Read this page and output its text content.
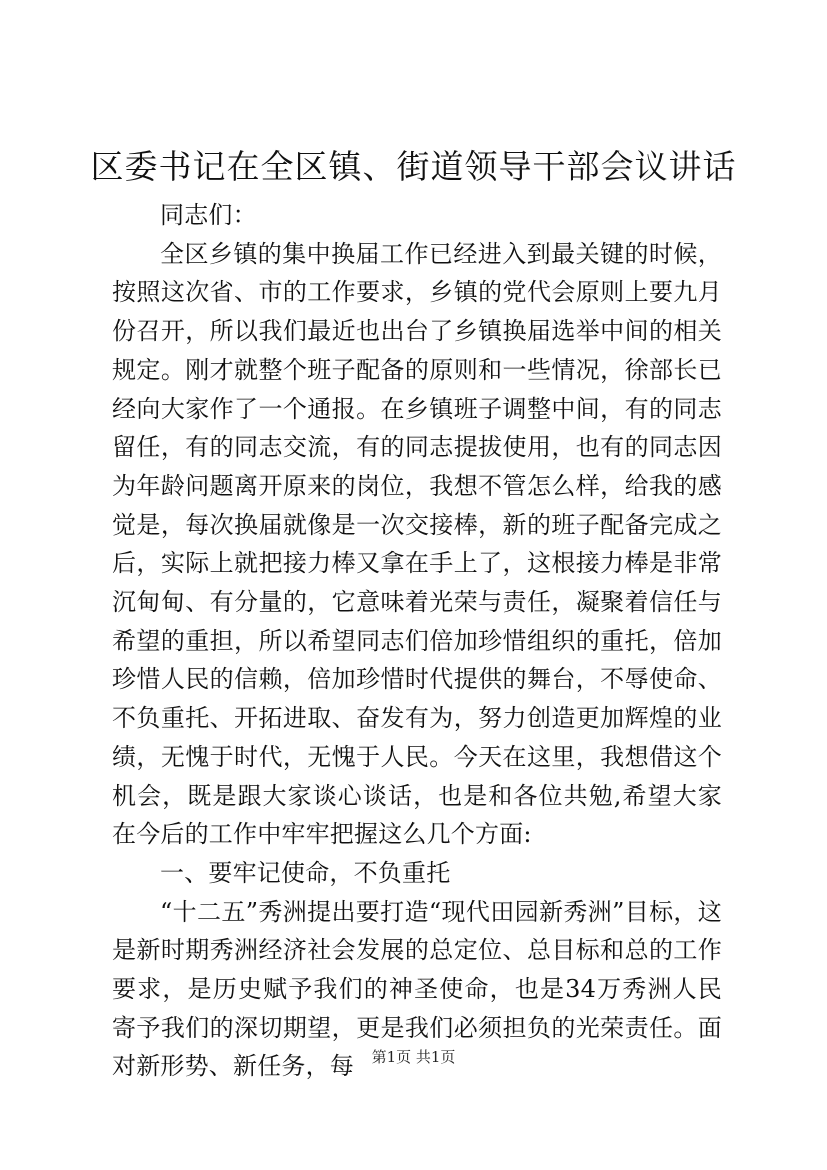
区委书记在全区镇、街道领导干部会议讲话

同志们：

全区乡镇的集中换届工作已经进入到最关键的时候，按照这次省、市的工作要求，乡镇的党代会原则上要九月份召开，所以我们最近也出台了乡镇换届选举中间的相关规定。刚才就整个班子配备的原则和一些情况，徐部长已经向大家作了一个通报。在乡镇班子调整中间，有的同志留任，有的同志交流，有的同志提拔使用，也有的同志因为年龄问题离开原来的岗位，我想不管怎么样，给我的感觉是，每次换届就像是一次交接棒，新的班子配备完成之后，实际上就把接力棒又拿在手上了，这根接力棒是非常沉甸甸、有分量的，它意味着光荣与责任，凝聚着信任与希望的重担，所以希望同志们倍加珍惜组织的重托，倍加珍惜人民的信赖，倍加珍惜时代提供的舞台，不辱使命、不负重托、开拓进取、奋发有为，努力创造更加辉煌的业绩，无愧于时代，无愧于人民。今天在这里，我想借这个机会，既是跟大家谈心谈话，也是和各位共勉,希望大家在今后的工作中牢牢把握这么几个方面:

一、要牢记使命，不负重托

“十二五”秀洲提出要打造“现代田园新秀洲”目标，这是新时期秀洲经济社会发展的总定位、总目标和总的工作要求，是历史赋予我们的神圣使命，也是34万秀洲人民寄予我们的深切期望，更是我们必须担负的光荣责任。面对新形势、新任务，每	第1页 共1页
